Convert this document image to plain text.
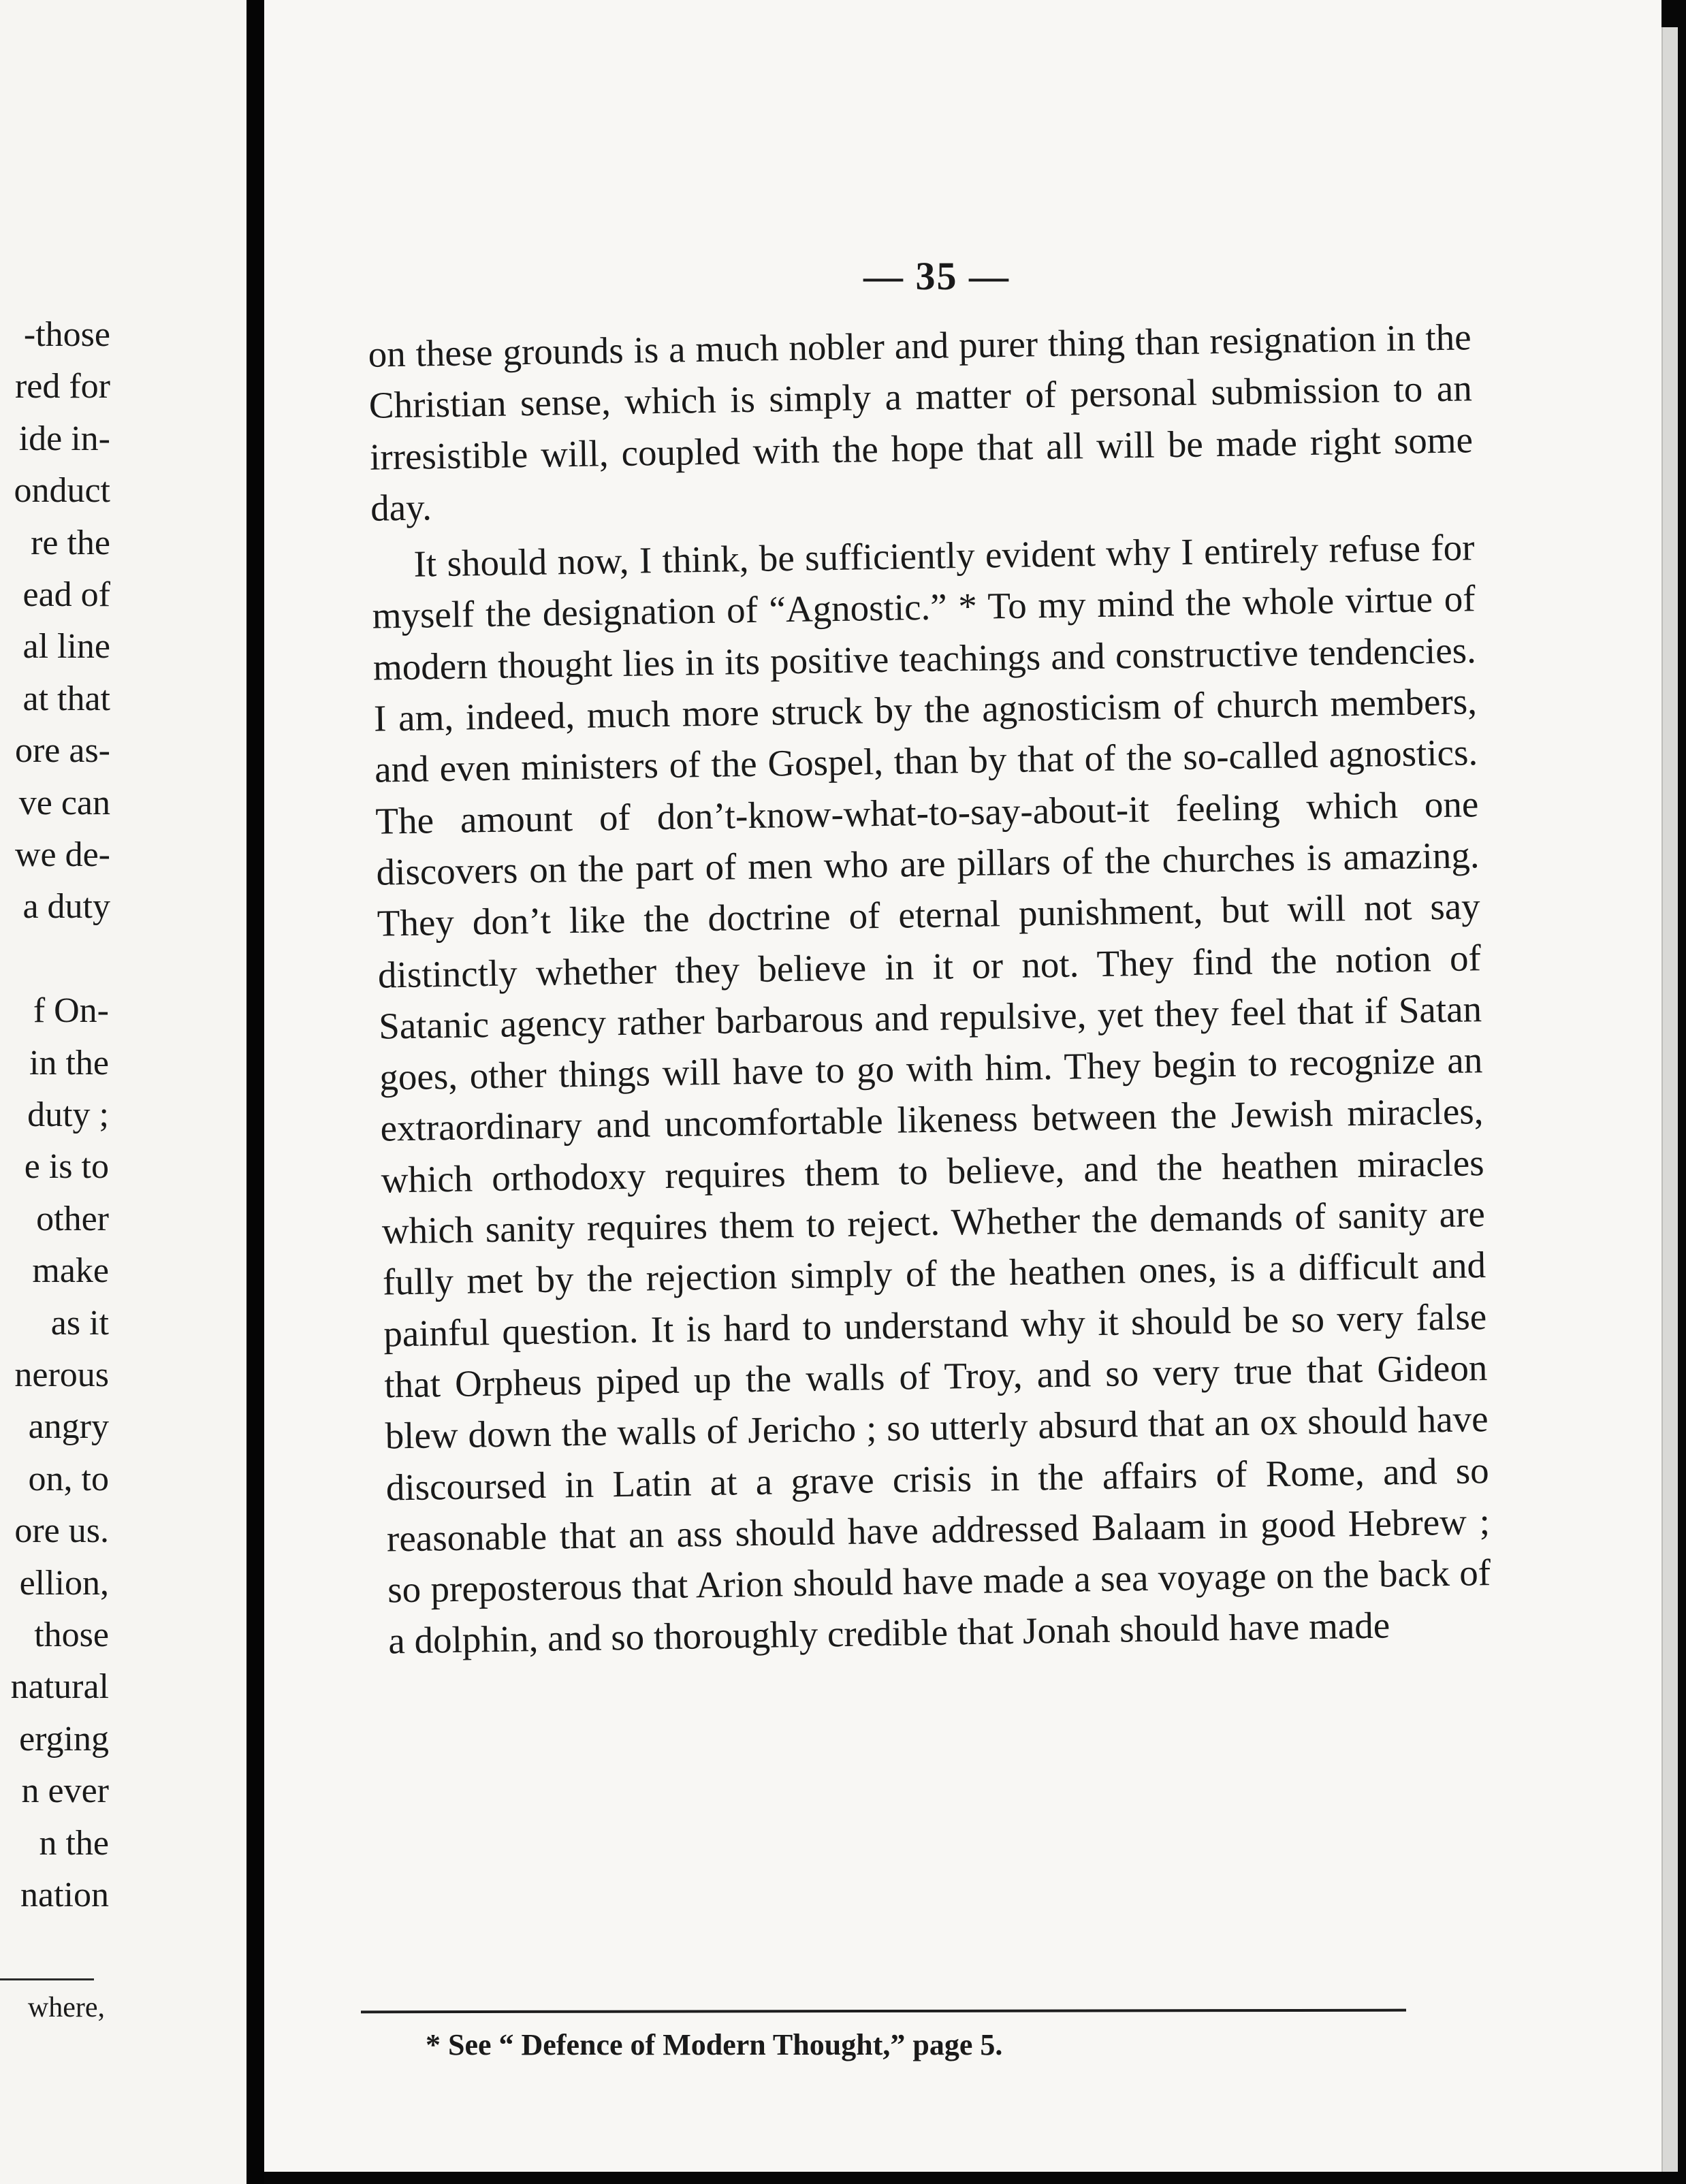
-those
red for
ide in-
onduct
re the
ead of
al line
at that
ore as-
ve can
we de-
a duty
f On-
in the
duty ;
e is to
other
make
as it
nerous
angry
on, to
ore us.
ellion,
those
natural
erging
n ever
n the
nation
where,
— 35 —

on these grounds is a much nobler and purer thing than resignation in the Christian sense, which is simply a matter of personal submission to an irresistible will, coupled with the hope that all will be made right some day.

It should now, I think, be sufficiently evident why I entirely refuse for myself the designation of “Agnostic.” * To my mind the whole virtue of modern thought lies in its positive teachings and constructive tendencies. I am, indeed, much more struck by the agnosticism of church members, and even ministers of the Gospel, than by that of the so-called agnostics. The amount of don’t-know-what-to-say-about-it feeling which one discovers on the part of men who are pillars of the churches is amazing. They don’t like the doctrine of eternal punishment, but will not say distinctly whether they believe in it or not. They find the notion of Satanic agency rather barbarous and repulsive, yet they feel that if Satan goes, other things will have to go with him. They begin to recognize an extraordinary and uncomfortable likeness between the Jewish miracles, which orthodoxy requires them to believe, and the heathen miracles which sanity requires them to reject. Whether the demands of sanity are fully met by the rejection simply of the heathen ones, is a difficult and painful question. It is hard to understand why it should be so very false that Orpheus piped up the walls of Troy, and so very true that Gideon blew down the walls of Jericho ; so utterly absurd that an ox should have discoursed in Latin at a grave crisis in the affairs of Rome, and so reasonable that an ass should have addressed Balaam in good Hebrew ; so preposterous that Arion should have made a sea voyage on the back of a dolphin, and so thoroughly credible that Jonah should have made

* See “ Defence of Modern Thought,” page 5.
